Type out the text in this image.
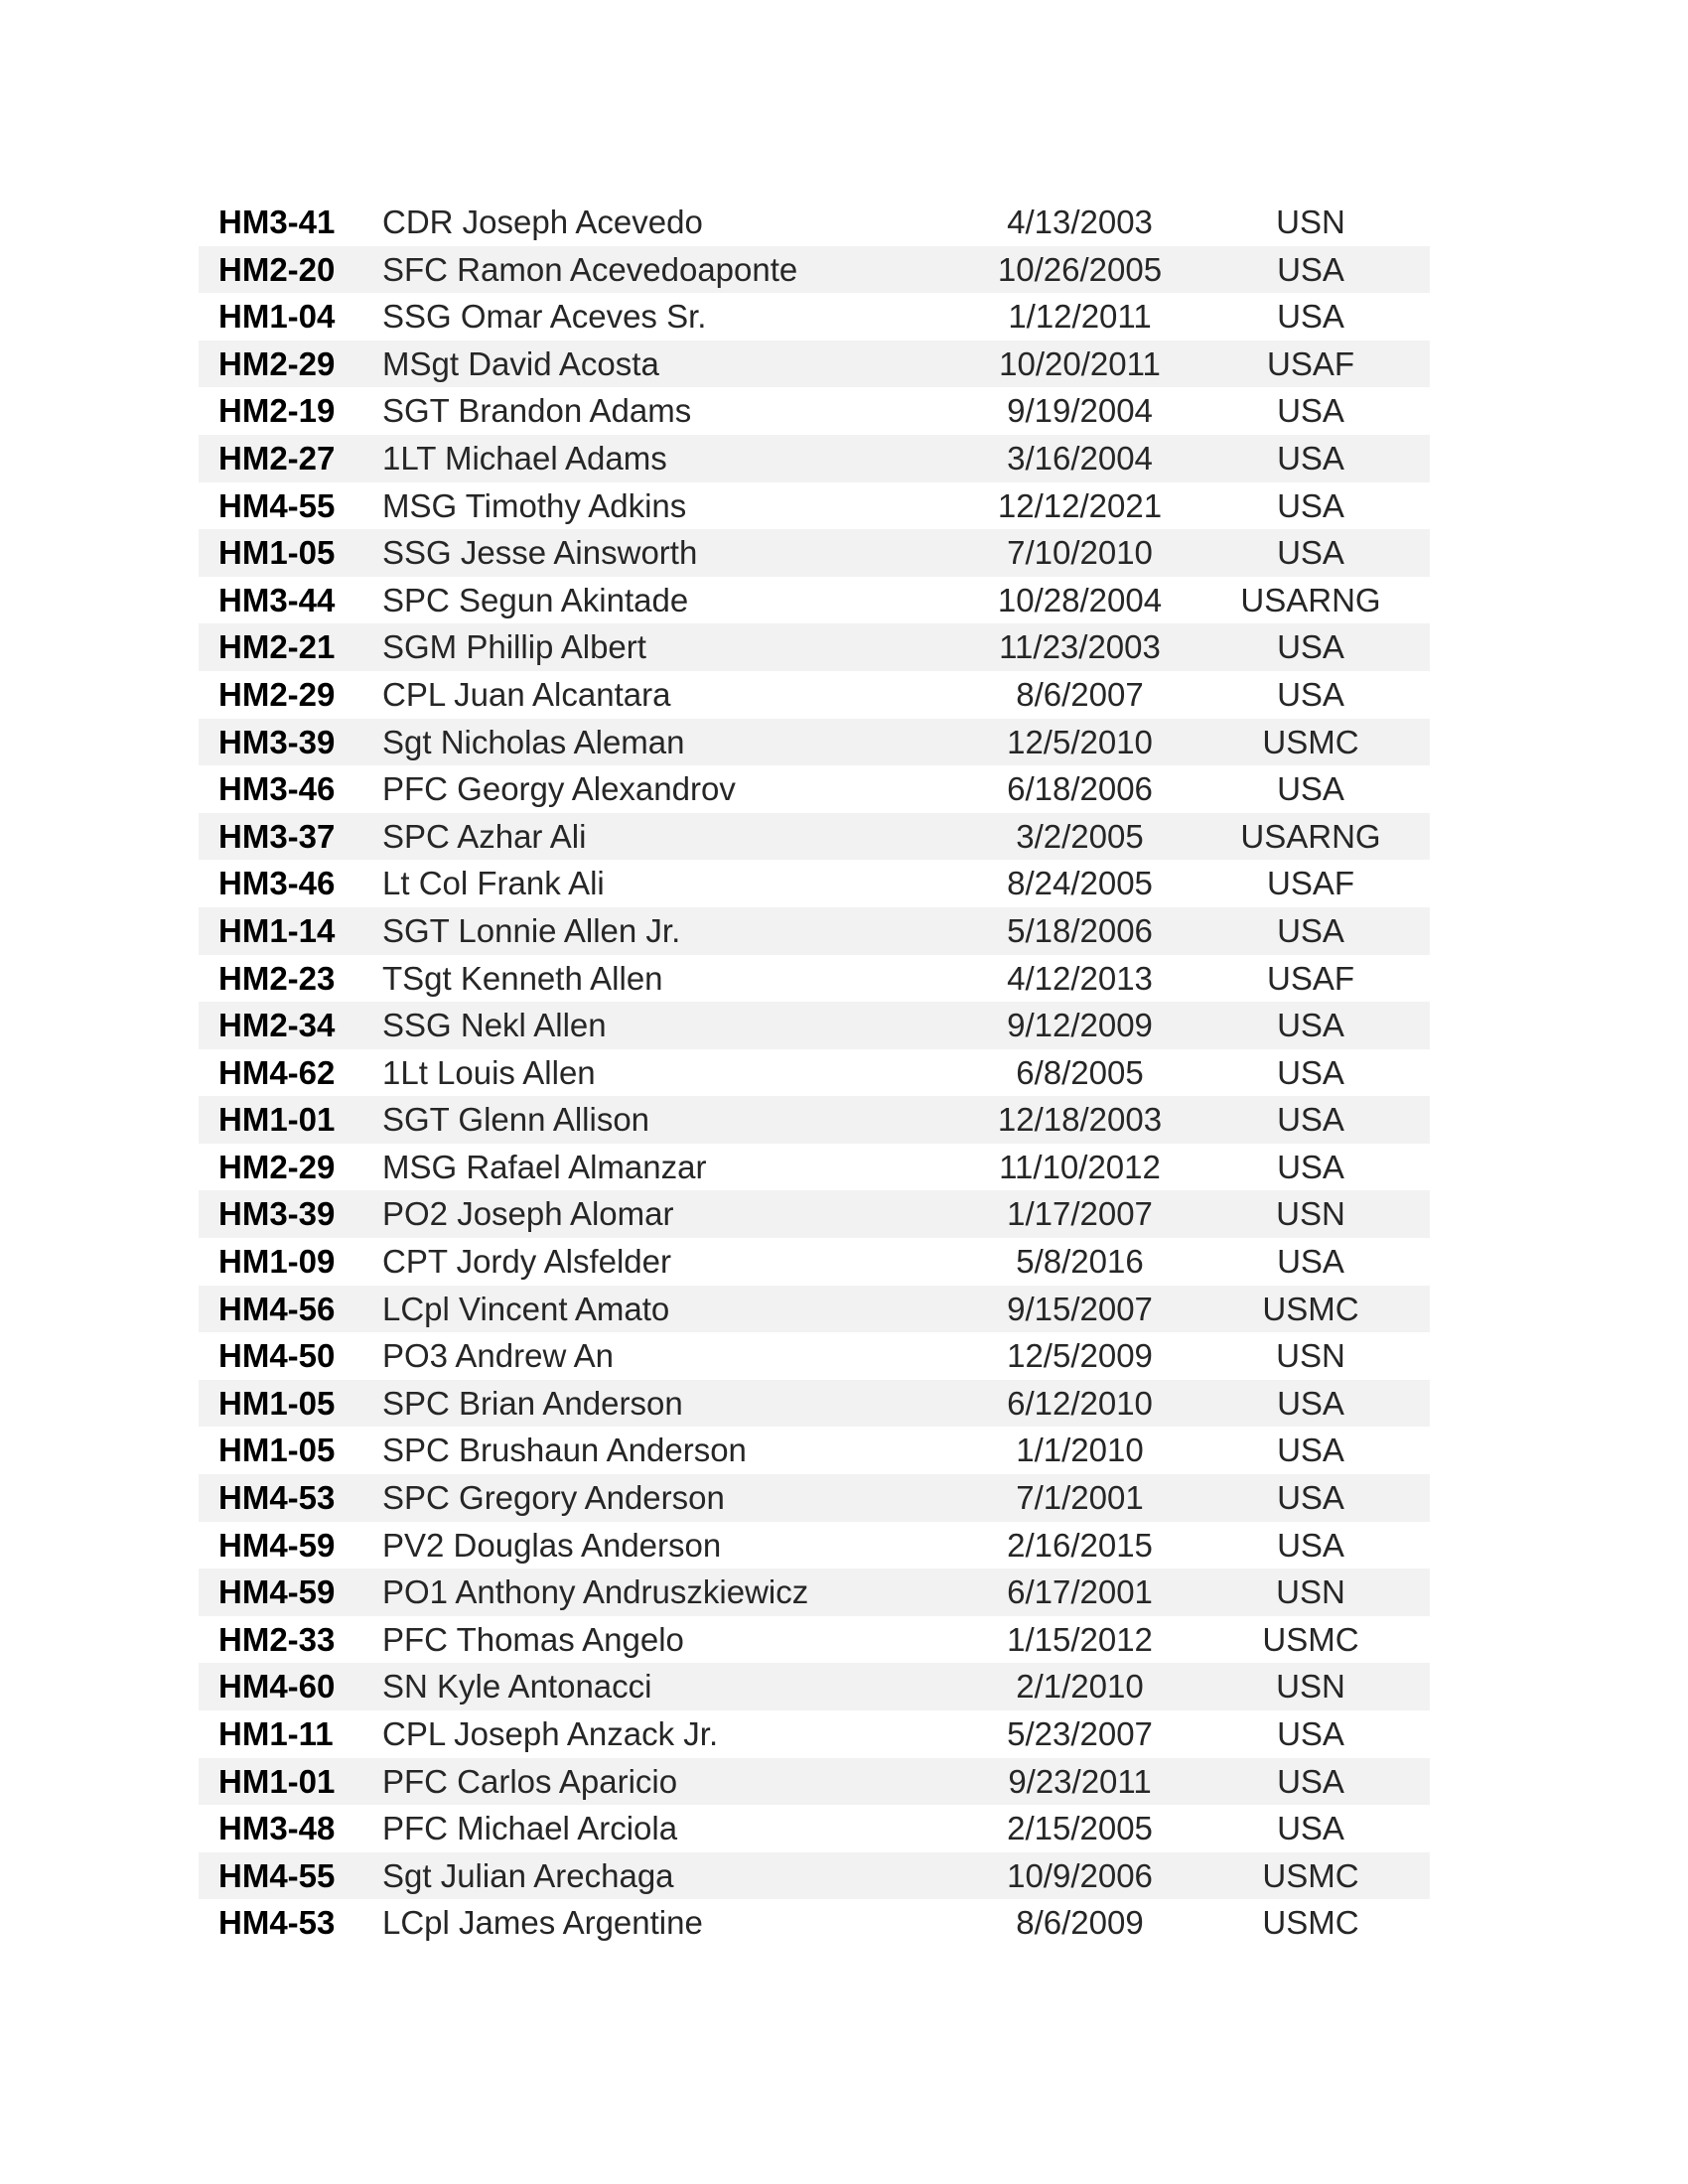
HM3-41	CDR Joseph Acevedo	4/13/2003	USN
HM2-20	SFC Ramon Acevedoaponte	10/26/2005	USA
HM1-04	SSG Omar Aceves Sr.	1/12/2011	USA
HM2-29	MSgt David Acosta	10/20/2011	USAF
HM2-19	SGT Brandon Adams	9/19/2004	USA
HM2-27	1LT Michael Adams	3/16/2004	USA
HM4-55	MSG Timothy Adkins	12/12/2021	USA
HM1-05	SSG Jesse Ainsworth	7/10/2010	USA
HM3-44	SPC Segun Akintade	10/28/2004	USARNG
HM2-21	SGM Phillip Albert	11/23/2003	USA
HM2-29	CPL Juan Alcantara	8/6/2007	USA
HM3-39	Sgt Nicholas Aleman	12/5/2010	USMC
HM3-46	PFC Georgy Alexandrov	6/18/2006	USA
HM3-37	SPC Azhar Ali	3/2/2005	USARNG
HM3-46	Lt Col Frank Ali	8/24/2005	USAF
HM1-14	SGT Lonnie Allen Jr.	5/18/2006	USA
HM2-23	TSgt Kenneth Allen	4/12/2013	USAF
HM2-34	SSG Nekl Allen	9/12/2009	USA
HM4-62	1Lt Louis Allen	6/8/2005	USA
HM1-01	SGT Glenn Allison	12/18/2003	USA
HM2-29	MSG Rafael Almanzar	11/10/2012	USA
HM3-39	PO2 Joseph Alomar	1/17/2007	USN
HM1-09	CPT Jordy Alsfelder	5/8/2016	USA
HM4-56	LCpl Vincent Amato	9/15/2007	USMC
HM4-50	PO3 Andrew An	12/5/2009	USN
HM1-05	SPC Brian Anderson	6/12/2010	USA
HM1-05	SPC Brushaun Anderson	1/1/2010	USA
HM4-53	SPC Gregory Anderson	7/1/2001	USA
HM4-59	PV2 Douglas Anderson	2/16/2015	USA
HM4-59	PO1 Anthony Andruszkiewicz	6/17/2001	USN
HM2-33	PFC Thomas Angelo	1/15/2012	USMC
HM4-60	SN Kyle Antonacci	2/1/2010	USN
HM1-11	CPL Joseph Anzack Jr.	5/23/2007	USA
HM1-01	PFC Carlos Aparicio	9/23/2011	USA
HM3-48	PFC Michael Arciola	2/15/2005	USA
HM4-55	Sgt Julian Arechaga	10/9/2006	USMC
HM4-53	LCpl James Argentine	8/6/2009	USMC
